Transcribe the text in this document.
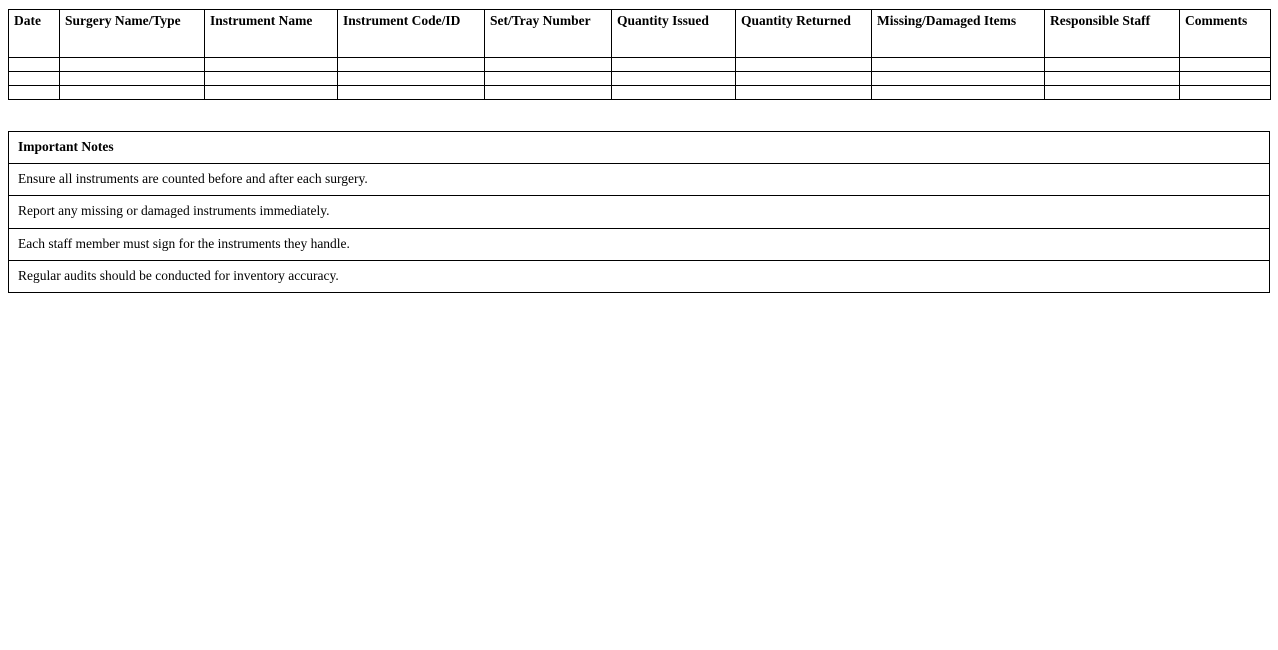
Date	Surgery Name/Type	Instrument Name	Instrument Code/ID	Set/Tray Number	Quantity Issued	Quantity Returned	Missing/Damaged Items	Responsible Staff	Comments

Important Notes
Ensure all instruments are counted before and after each surgery.
Report any missing or damaged instruments immediately.
Each staff member must sign for the instruments they handle.
Regular audits should be conducted for inventory accuracy.
